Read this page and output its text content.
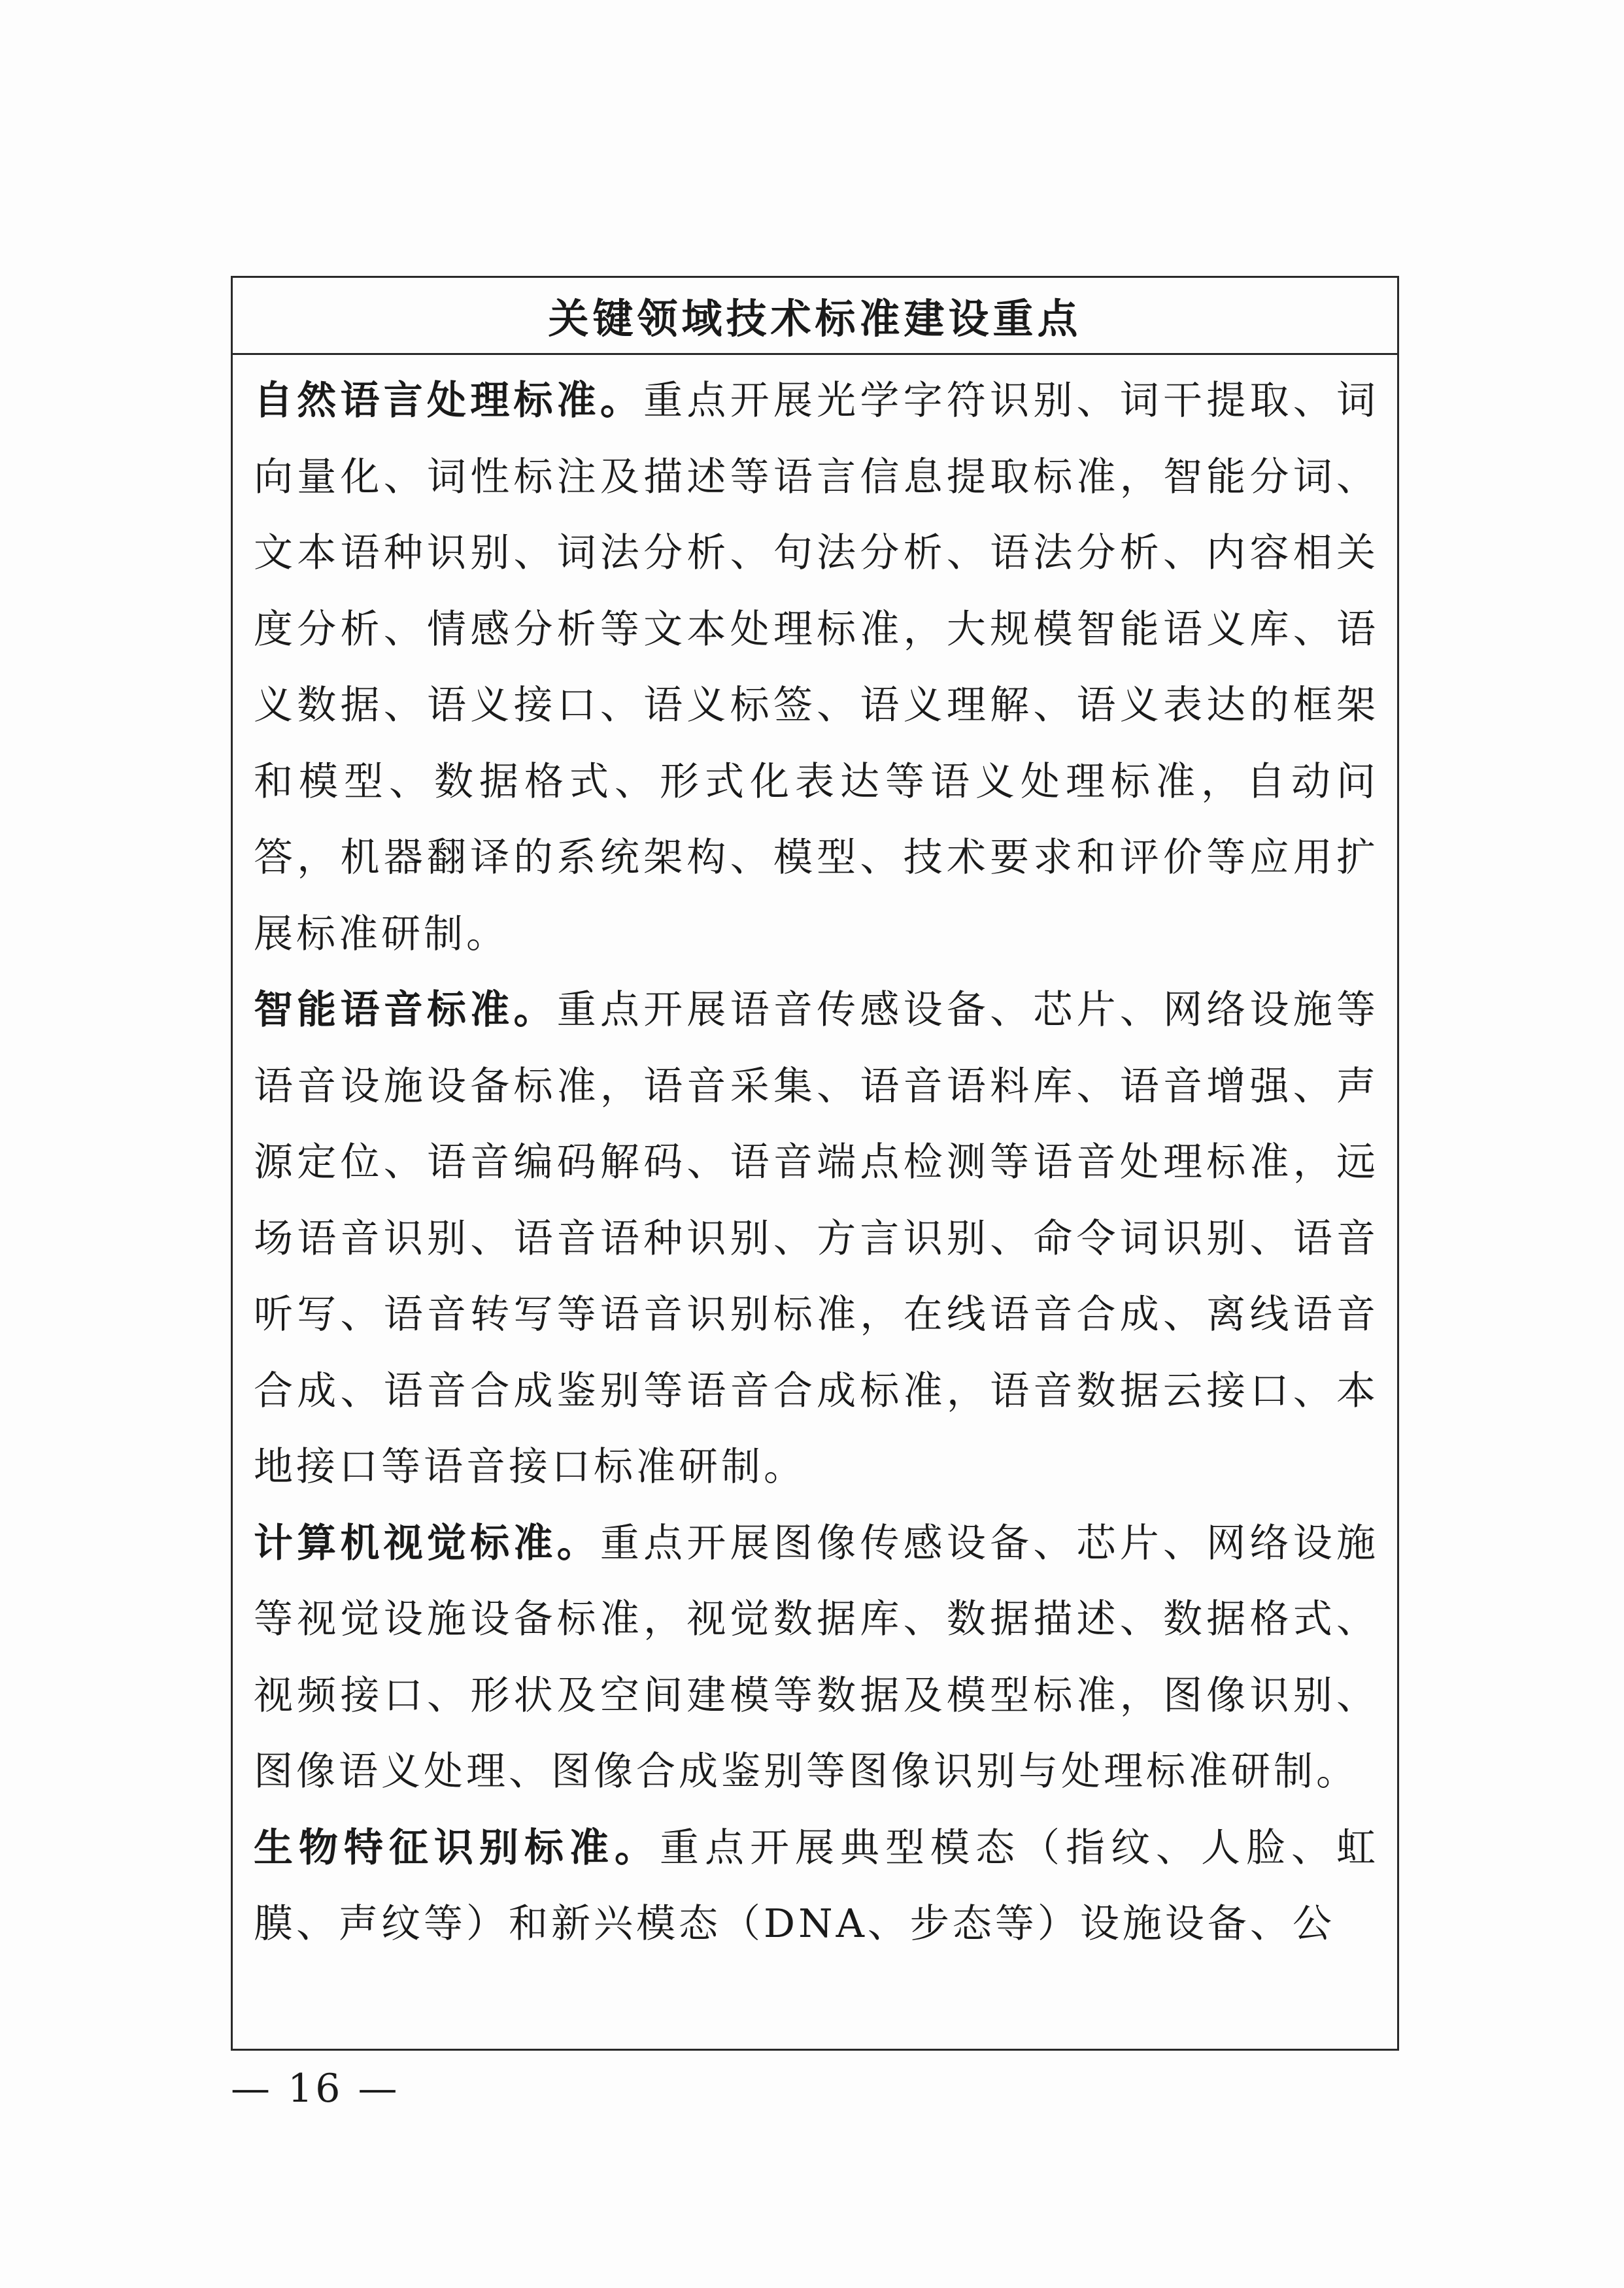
关键领域技术标准建设重点

自然语言处理标准。重点开展光学字符识别、词干提取、词向量化、词性标注及描述等语言信息提取标准，智能分词、文本语种识别、词法分析、句法分析、语法分析、内容相关度分析、情感分析等文本处理标准，大规模智能语义库、语义数据、语义接口、语义标签、语义理解、语义表达的框架和模型、数据格式、形式化表达等语义处理标准，自动问答，机器翻译的系统架构、模型、技术要求和评价等应用扩展标准研制。

智能语音标准。重点开展语音传感设备、芯片、网络设施等语音设施设备标准，语音采集、语音语料库、语音增强、声源定位、语音编码解码、语音端点检测等语音处理标准，远场语音识别、语音语种识别、方言识别、命令词识别、语音听写、语音转写等语音识别标准，在线语音合成、离线语音合成、语音合成鉴别等语音合成标准，语音数据云接口、本地接口等语音接口标准研制。

计算机视觉标准。重点开展图像传感设备、芯片、网络设施等视觉设施设备标准，视觉数据库、数据描述、数据格式、视频接口、形状及空间建模等数据及模型标准，图像识别、图像语义处理、图像合成鉴别等图像识别与处理标准研制。

生物特征识别标准。重点开展典型模态（指纹、人脸、虹膜、声纹等）和新兴模态（DNA、步态等）设施设备、公

— 16 —
